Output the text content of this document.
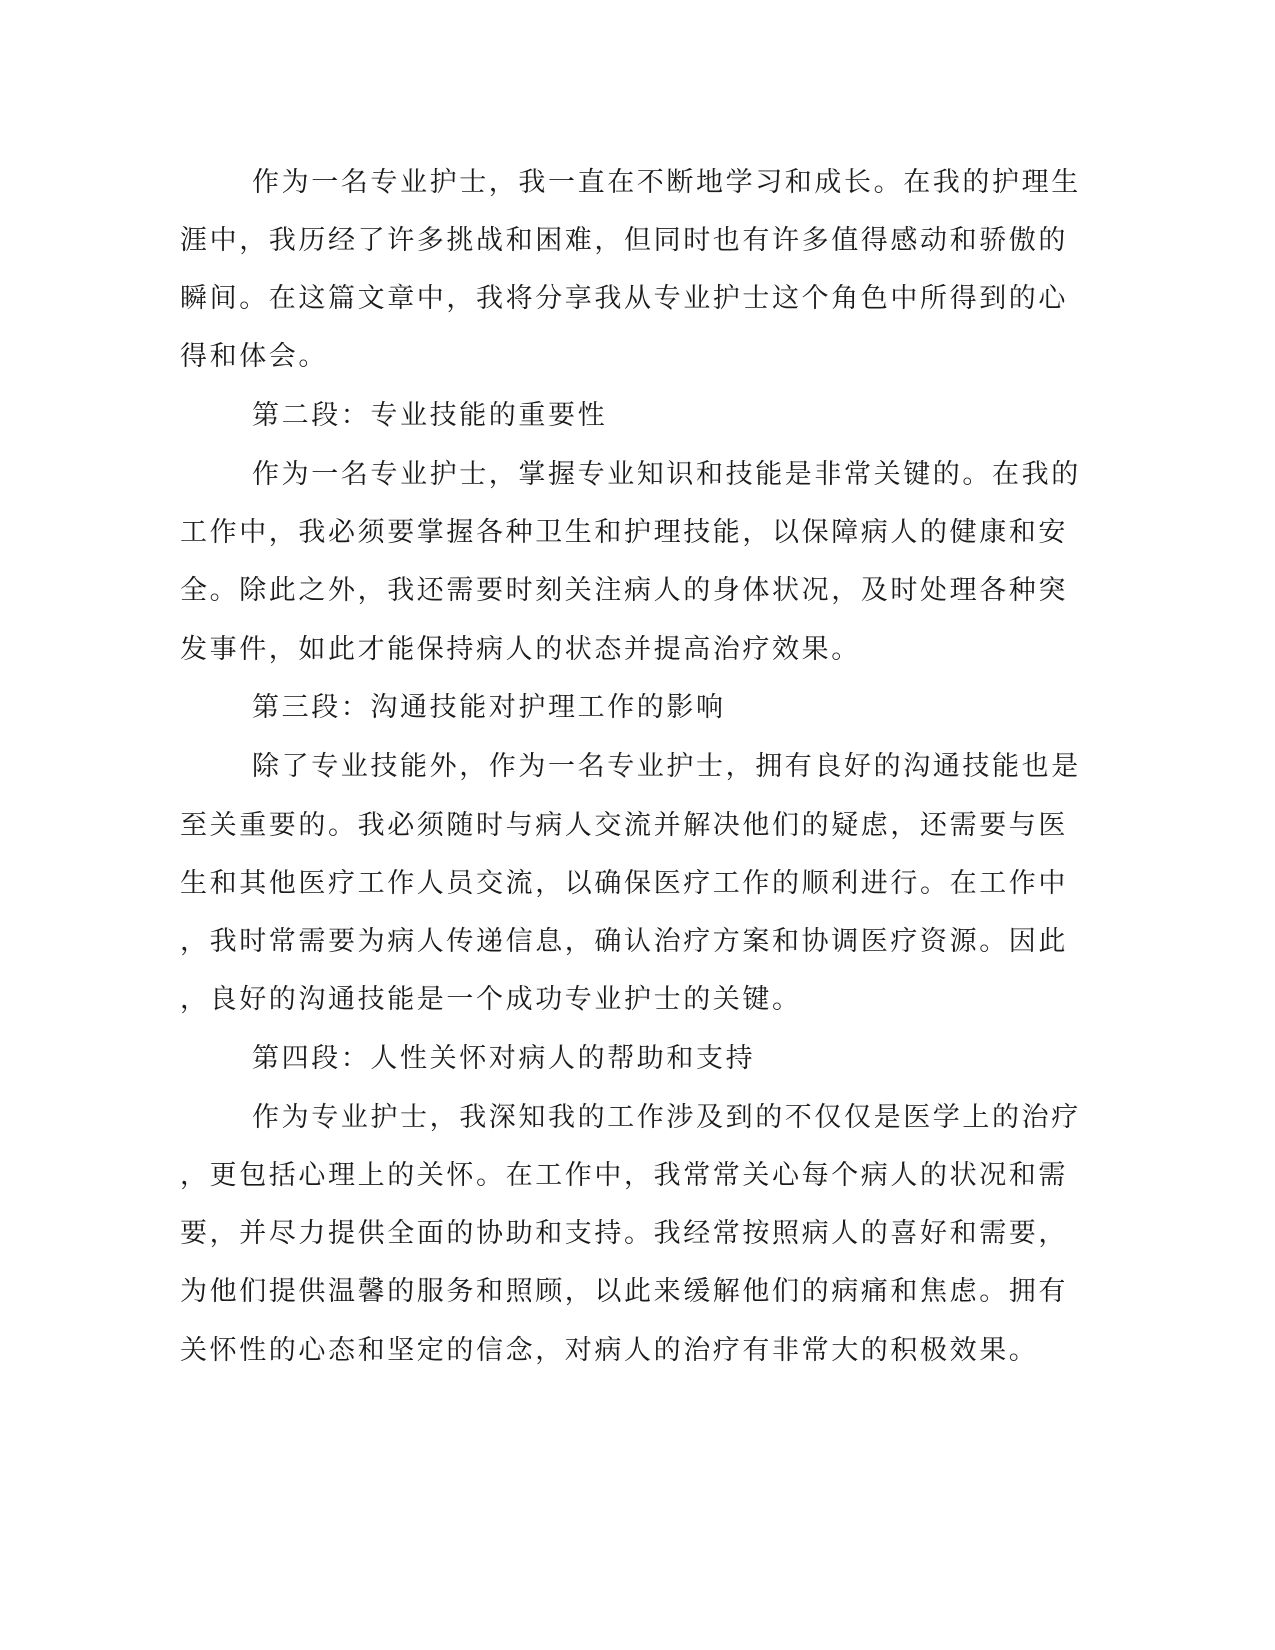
作为一名专业护士，我一直在不断地学习和成长。在我的护理生
涯中，我历经了许多挑战和困难，但同时也有许多值得感动和骄傲的
瞬间。在这篇文章中，我将分享我从专业护士这个角色中所得到的心
得和体会。
第二段：专业技能的重要性
作为一名专业护士，掌握专业知识和技能是非常关键的。在我的
工作中，我必须要掌握各种卫生和护理技能，以保障病人的健康和安
全。除此之外，我还需要时刻关注病人的身体状况，及时处理各种突
发事件，如此才能保持病人的状态并提高治疗效果。
第三段：沟通技能对护理工作的影响
除了专业技能外，作为一名专业护士，拥有良好的沟通技能也是
至关重要的。我必须随时与病人交流并解决他们的疑虑，还需要与医
生和其他医疗工作人员交流，以确保医疗工作的顺利进行。在工作中
，我时常需要为病人传递信息，确认治疗方案和协调医疗资源。因此
，良好的沟通技能是一个成功专业护士的关键。
第四段：人性关怀对病人的帮助和支持
作为专业护士，我深知我的工作涉及到的不仅仅是医学上的治疗
，更包括心理上的关怀。在工作中，我常常关心每个病人的状况和需
要，并尽力提供全面的协助和支持。我经常按照病人的喜好和需要，
为他们提供温馨的服务和照顾，以此来缓解他们的病痛和焦虑。拥有
关怀性的心态和坚定的信念，对病人的治疗有非常大的积极效果。
